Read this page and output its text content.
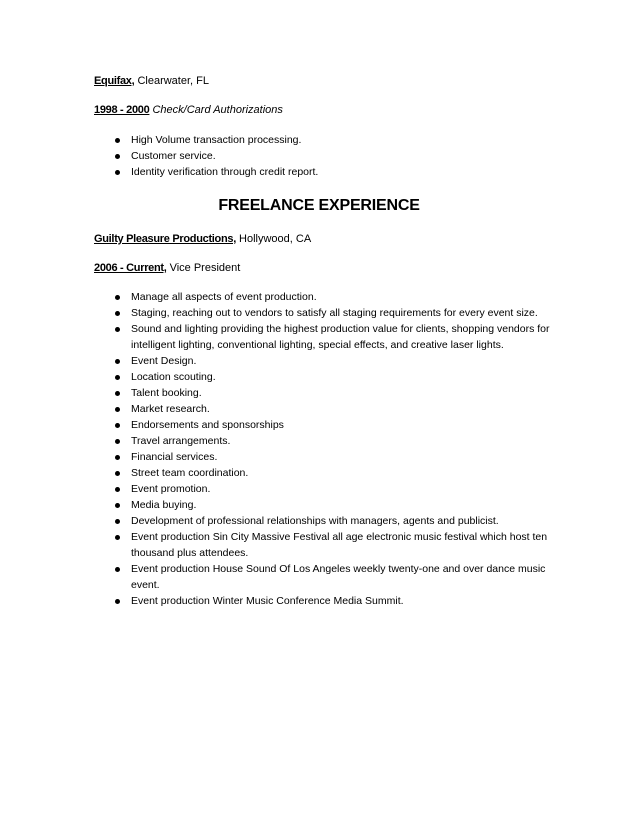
Equifax, Clearwater, FL
1998 - 2000 Check/Card Authorizations
High Volume transaction processing.
Customer service.
Identity verification through credit report.
FREELANCE EXPERIENCE
Guilty Pleasure Productions, Hollywood, CA
2006 - Current, Vice President
Manage all aspects of event production.
Staging, reaching out to vendors to satisfy all staging requirements for every event size.
Sound and lighting providing the highest production value for clients, shopping vendors for intelligent lighting, conventional lighting, special effects, and creative laser lights.
Event Design.
Location scouting.
Talent booking.
Market research.
Endorsements and sponsorships
Travel arrangements.
Financial services.
Street team coordination.
Event promotion.
Media buying.
Development of professional relationships with managers, agents and publicist.
Event production Sin City Massive Festival all age electronic music festival which host ten thousand plus attendees.
Event production House Sound Of Los Angeles weekly twenty-one and over dance music event.
Event production Winter Music Conference Media Summit.
